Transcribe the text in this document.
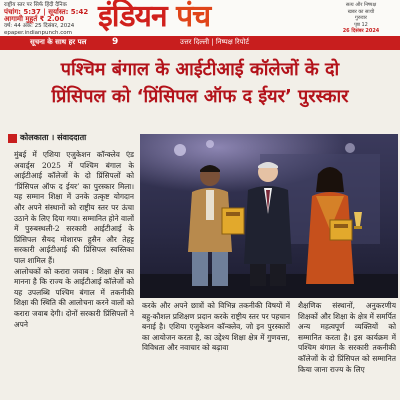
राष्ट्रीय स्तर पर सिर्फ हिंदी दैनिक
पंचांग: 5:37 | सूर्यास्त: 5:42
आगामी मुहूर्त ₹ 2.00
वर्ष: 44 अंक: 25 दिसंबर, 2024
epaper.indianpunch.com इंडियन पंच	सत्य और निष्पक्ष
खबर का साथी
गुरुवार
पृष्ठ 12
26 दिसंबर 2024
सूचना के साथ हर पल	9	उत्तर दिल्ली | निष्पक्ष रिपोर्ट
पश्चिम बंगाल के आईटीआई कॉलेजों के दो
प्रिंसिपल को ‘प्रिंसिपल ऑफ द ईयर’ पुरस्कार
कोलकाता । संवाददाता

मुंबई में एशिया एजुकेशन कॉन्क्लेव एंड अवार्ड्स 2025 में पश्चिम बंगाल के आईटीआई कॉलेजों के दो प्रिंसिपलों को ‘प्रिंसिपल ऑफ द ईयर’ का पुरस्कार मिला। यह सम्मान शिक्षा में उनके उत्कृष्ट योगदान और अपने संस्थानों को राष्ट्रीय स्तर पर ऊंचा उठाने के लिए दिया गया। सम्मानित होने वालों में पुरुबस्थली-2 सरकारी आईटीआई के प्रिंसिपल सैयद मोशारफ हुसैन और तेहट्ट सरकारी आईटीआई की प्रिंसिपल स्वस्तिका पाल शामिल हैं।

आलोचकों को करारा जवाब : शिक्षा क्षेत्र का मानना है कि राज्य के आईटीआई कॉलेजों को यह उपलब्धि पश्चिम बंगाल में तकनीकी शिक्षा की स्थिति की आलोचना करने वालों को करारा जवाब देगी। दोनों सरकारी प्रिंसिपलों ने अपने

करके और अपने छात्रों को विभिन्न तकनीकी विषयों में बहु-कौशल प्रशिक्षण प्रदान करके राष्ट्रीय स्तर पर पहचान बनाई है। एशिया एजुकेशन कॉन्क्लेव, जो इन पुरस्कारों का आयोजन करता है, का उद्देश्य शिक्षा क्षेत्र में गुणवत्ता, विविधता और नवाचार को बढ़ावा

शैक्षणिक संस्थानों, अनुकरणीय शिक्षकों और शिक्षा के क्षेत्र में समर्पित अन्य महत्वपूर्ण व्यक्तियों को सम्मानित करता है। इस कार्यक्रम में पश्चिम बंगाल के सरकारी तकनीकी कॉलेजों के दो प्रिंसिपल को सम्मानित किया जाना राज्य के लिए
